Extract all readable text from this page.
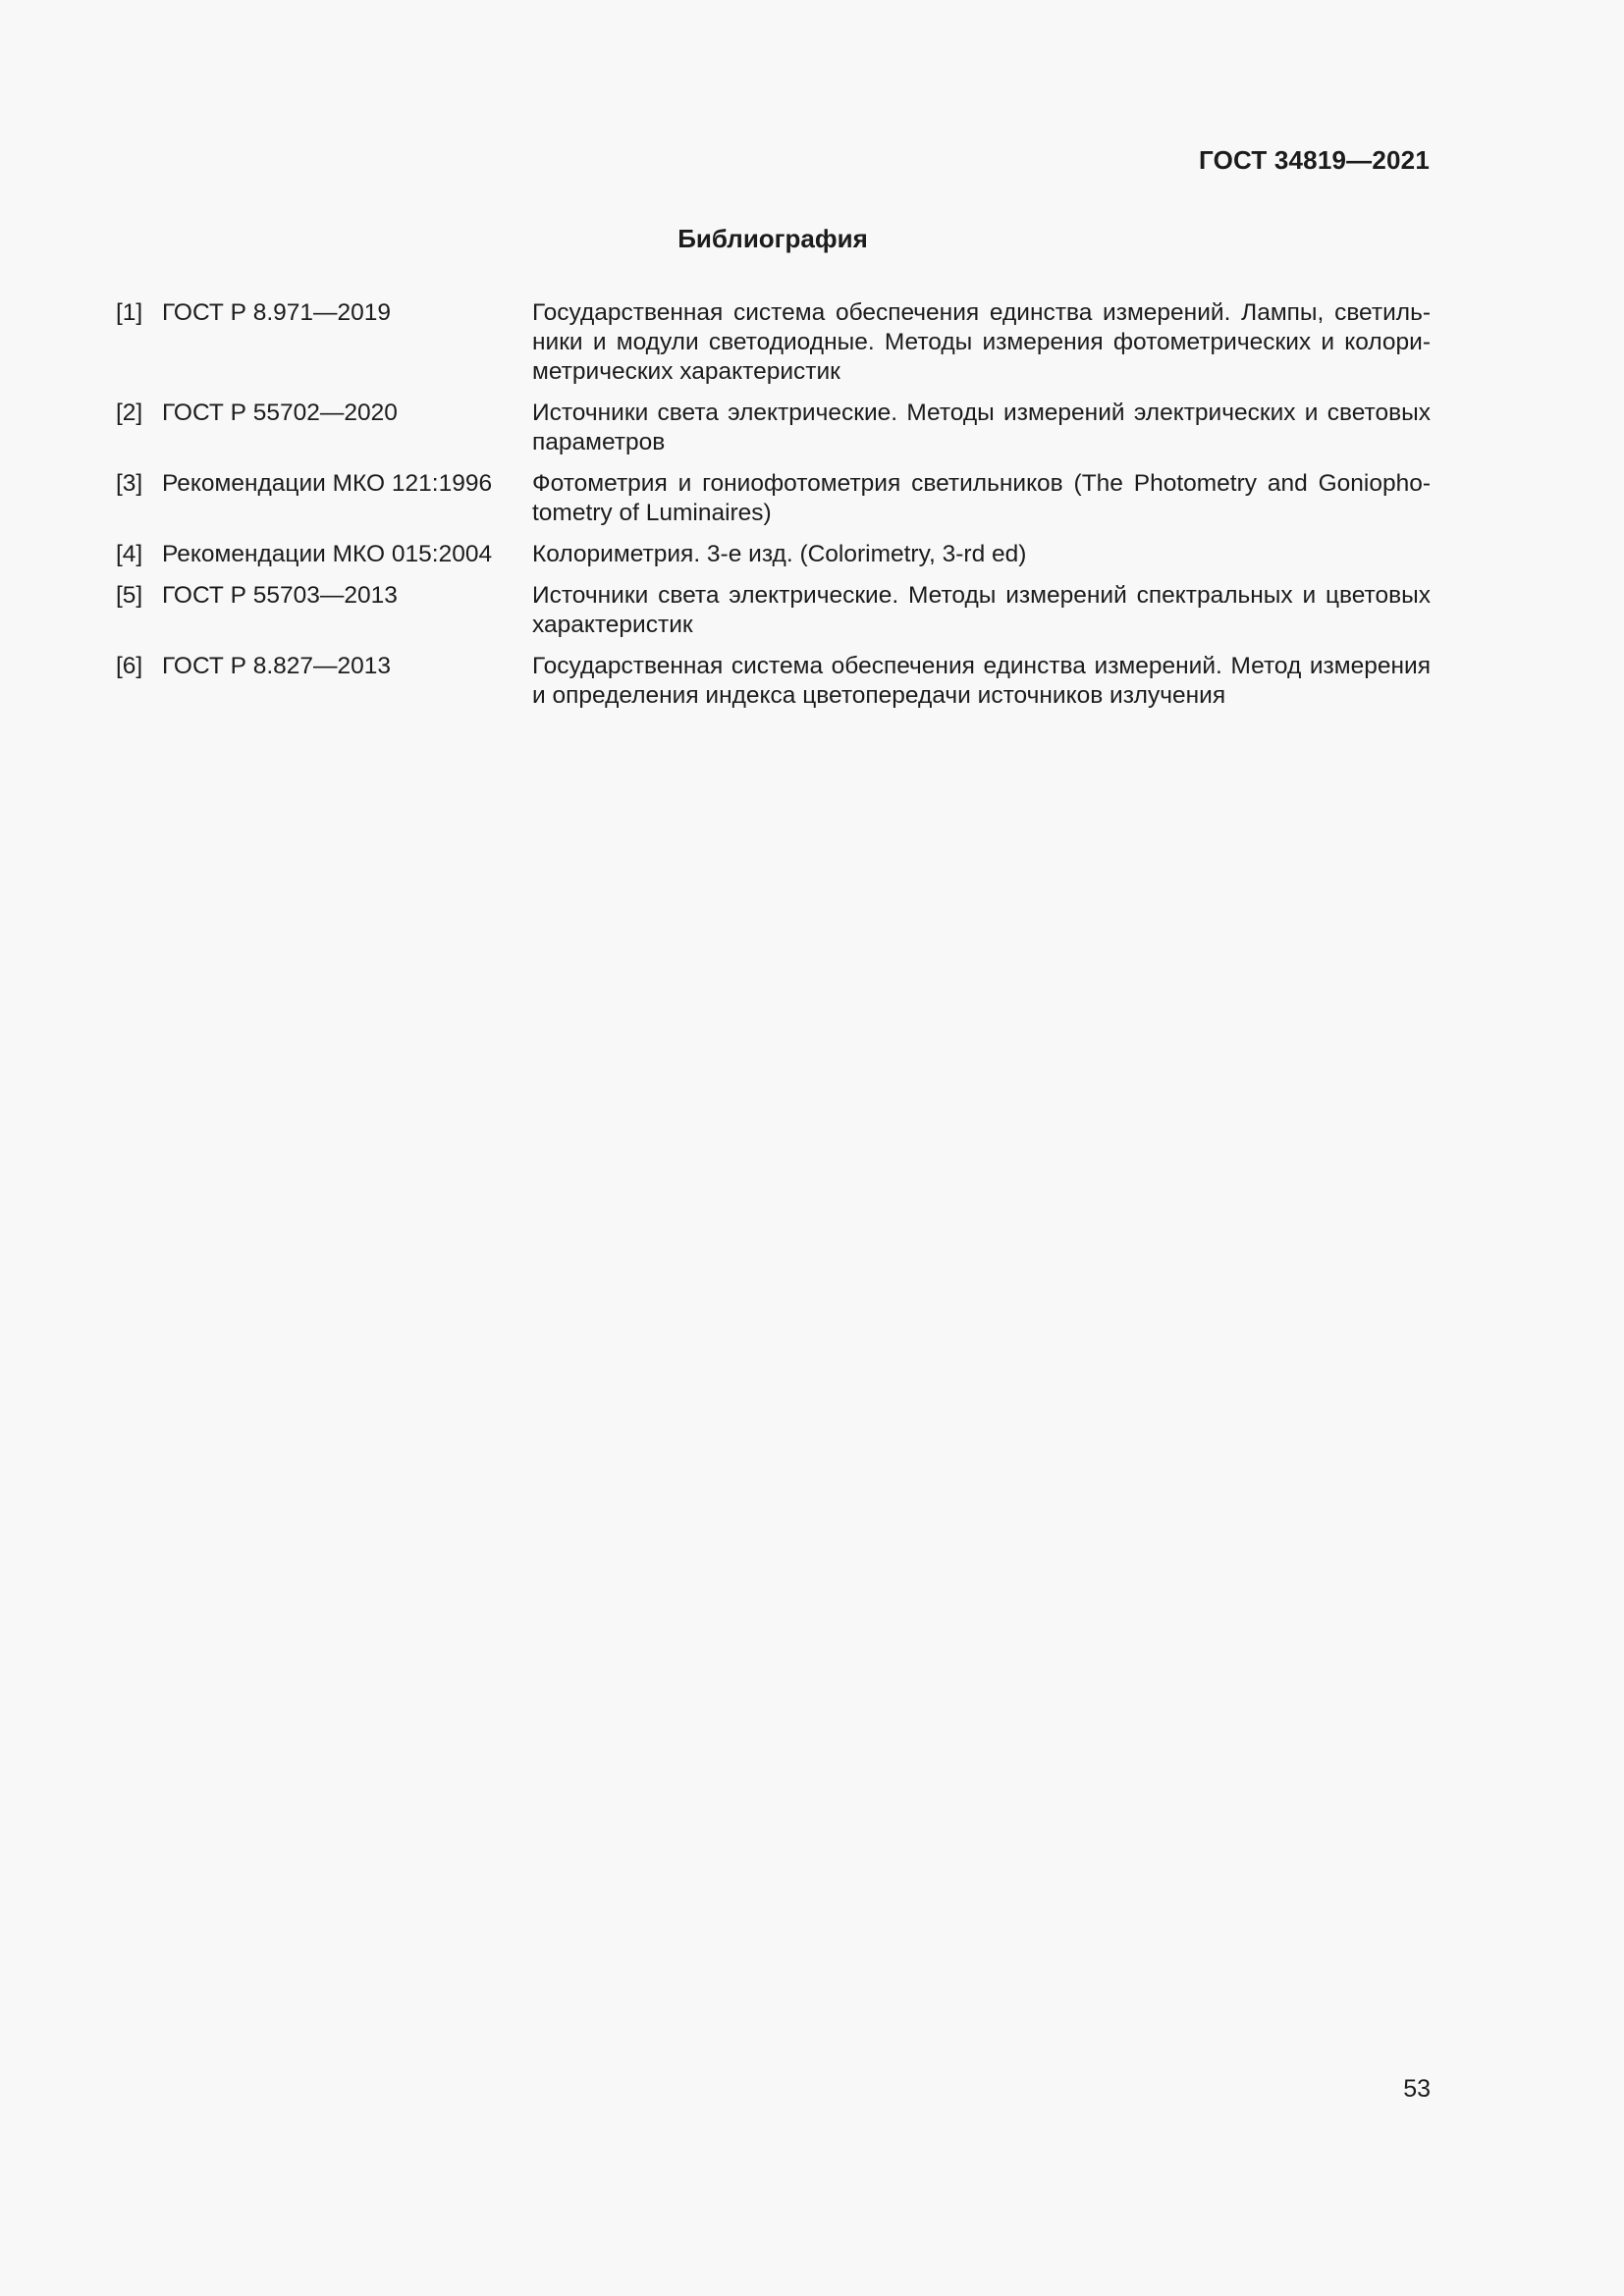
ГОСТ 34819—2021
Библиография
[1] ГОСТ Р 8.971—2019	Государственная система обеспечения единства измерений. Лампы, светиль-
ники и модули светодиодные. Методы измерения фотометрических и колори-
метрических характеристик
[2] ГОСТ Р 55702—2020	Источники света электрические. Методы измерений электрических и световых
параметров
[3] Рекомендации МКО 121:1996	Фотометрия и гониофотометрия светильников (The Photometry and Goniopho-
tometry of Luminaires)
[4] Рекомендации МКО 015:2004	Колориметрия. 3-е изд. (Colorimetry, 3-rd ed)
[5] ГОСТ Р 55703—2013	Источники света электрические. Методы измерений спектральных и цветовых
характеристик
[6] ГОСТ Р 8.827—2013	Государственная система обеспечения единства измерений. Метод измерения
и определения индекса цветопередачи источников излучения
53
